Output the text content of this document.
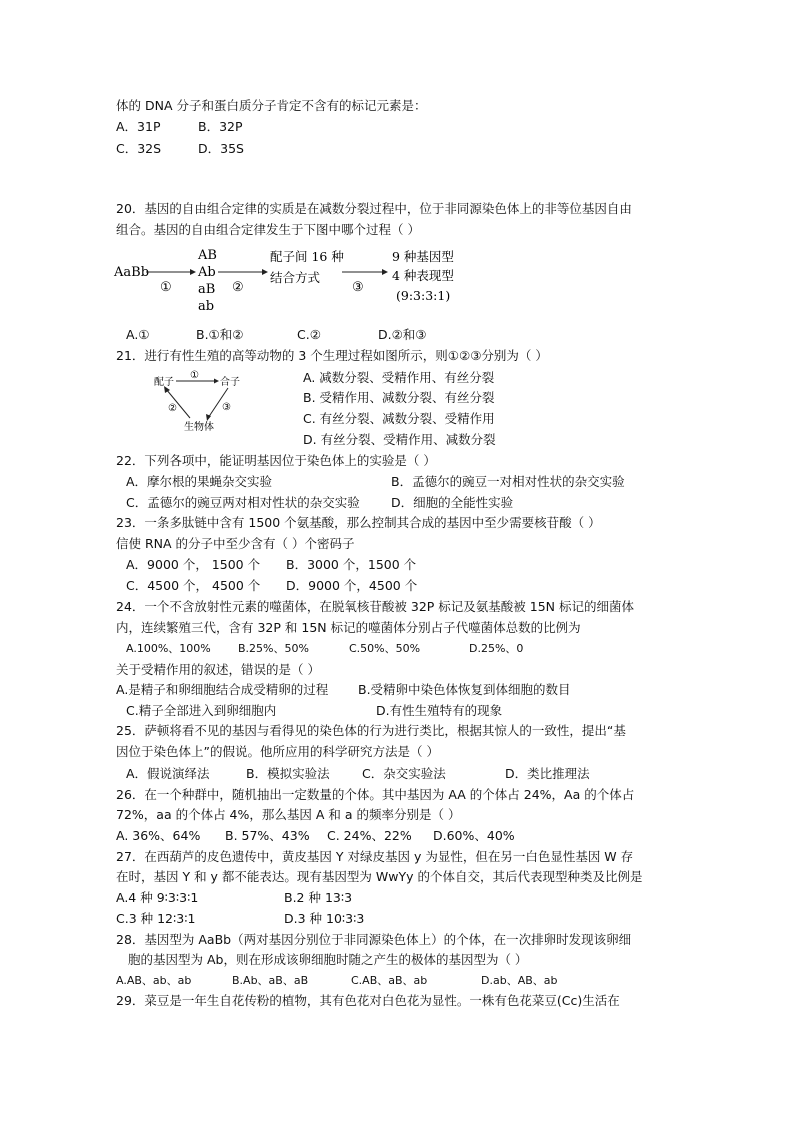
体的 DNA 分子和蛋白质分子肯定不含有的标记元素是：
A．31P	B．32P
C．32S	D．35S
20．基因的自由组合定律的实质是在减数分裂过程中，位于非同源染色体上的非等位基因自由
组合。基因的自由组合定律发生于下图中哪个过程（ ）
AaBb
①
AB
Ab
aB
ab
②
配子间 16 种
结合方式
③
9 种基因型
4 种表现型
(9:3:3:1)
A.①	B.①和②	C.②	D.②和③
21．进行有性生殖的高等动物的 3 个生理过程如图所示，则①②③分别为（ ）
配子	合子
生物体
①
③
②
A. 减数分裂、受精作用、有丝分裂
B. 受精作用、减数分裂、有丝分裂
C. 有丝分裂、减数分裂、受精作用
D. 有丝分裂、受精作用、减数分裂
22．下列各项中，能证明基因位于染色体上的实验是（ ）
A．摩尔根的果蝇杂交实验	B．孟德尔的豌豆一对相对性状的杂交实验
C．孟德尔的豌豆两对相对性状的杂交实验	D．细胞的全能性实验
23．一条多肽链中含有 1500 个氨基酸，那么控制其合成的基因中至少需要核苷酸（ ）
信使 RNA 的分子中至少含有（ ）个密码子
A．9000 个， 1500 个 B．3000 个，1500 个
C．4500 个， 4500 个 D．9000 个，4500 个
24．一个不含放射性元素的噬菌体，在脱氧核苷酸被 32P 标记及氨基酸被 15N 标记的细菌体
内，连续繁殖三代，含有 32P 和 15N 标记的噬菌体分别占子代噬菌体总数的比例为
A.100%、100% B.25%、50%	C.50%、50%	D.25%、0
关于受精作用的叙述，错误的是（ ）
A.是精子和卵细胞结合成受精卵的过程 B.受精卵中染色体恢复到体细胞的数目
C.精子全部进入到卵细胞内	D.有性生殖特有的现象
25．萨顿将看不见的基因与看得见的染色体的行为进行类比，根据其惊人的一致性，提出“基
因位于染色体上”的假说。他所应用的科学研究方法是（ ）
A．假说演绎法	B．模拟实验法	C．杂交实验法	D．类比推理法
26．在一个种群中，随机抽出一定数量的个体。其中基因为 AA 的个体占 24%，Aa 的个体占
72%，aa 的个体占 4%，那么基因 A 和 a 的频率分别是（ ）
A. 36%、64% B. 57%、43% C. 24%、22% D.60%、40%
27．在西葫芦的皮色遗传中，黄皮基因 Y 对绿皮基因 y 为显性，但在另一白色显性基因 W 存
在时，基因 Y 和 y 都不能表达。现有基因型为 WwYy 的个体自交，其后代表现型种类及比例是
A.4 种 9∶3∶3∶1	B.2 种 13∶3
C.3 种 12∶3∶1	D.3 种 10∶3∶3
28．基因型为 AaBb（两对基因分别位于非同源染色体上）的个体，在一次排卵时发现该卵细
胞的基因型为 Ab，则在形成该卵细胞时随之产生的极体的基因型为（ ）
A.AB、ab、ab	B.Ab、aB、aB	C.AB、aB、ab	D.ab、AB、ab
29．菜豆是一年生自花传粉的植物，其有色花对白色花为显性。一株有色花菜豆(Cc)生活在
